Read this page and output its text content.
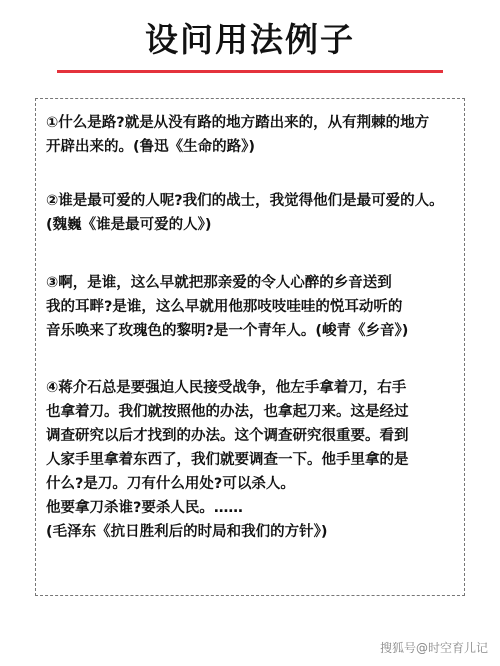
设问用法例子
①什么是路?就是从没有路的地方踏出来的，从有荆棘的地方
开辟出来的。(鲁迅《生命的路》)
②谁是最可爱的人呢?我们的战士，我觉得他们是最可爱的人。
(魏巍《谁是最可爱的人》)
③啊，是谁，这么早就把那亲爱的令人心醉的乡音送到
我的耳畔?是谁，这么早就用他那吱吱哇哇的悦耳动听的
音乐唤来了玫瑰色的黎明?是一个青年人。(峻青《乡音》)
④蒋介石总是要强迫人民接受战争，他左手拿着刀，右手
也拿着刀。我们就按照他的办法，也拿起刀来。这是经过
调查研究以后才找到的办法。这个调查研究很重要。看到
人家手里拿着东西了，我们就要调查一下。他手里拿的是
什么?是刀。刀有什么用处?可以杀人。
他要拿刀杀谁?要杀人民。……
(毛泽东《抗日胜利后的时局和我们的方针》)
搜狐号@时空育儿记
